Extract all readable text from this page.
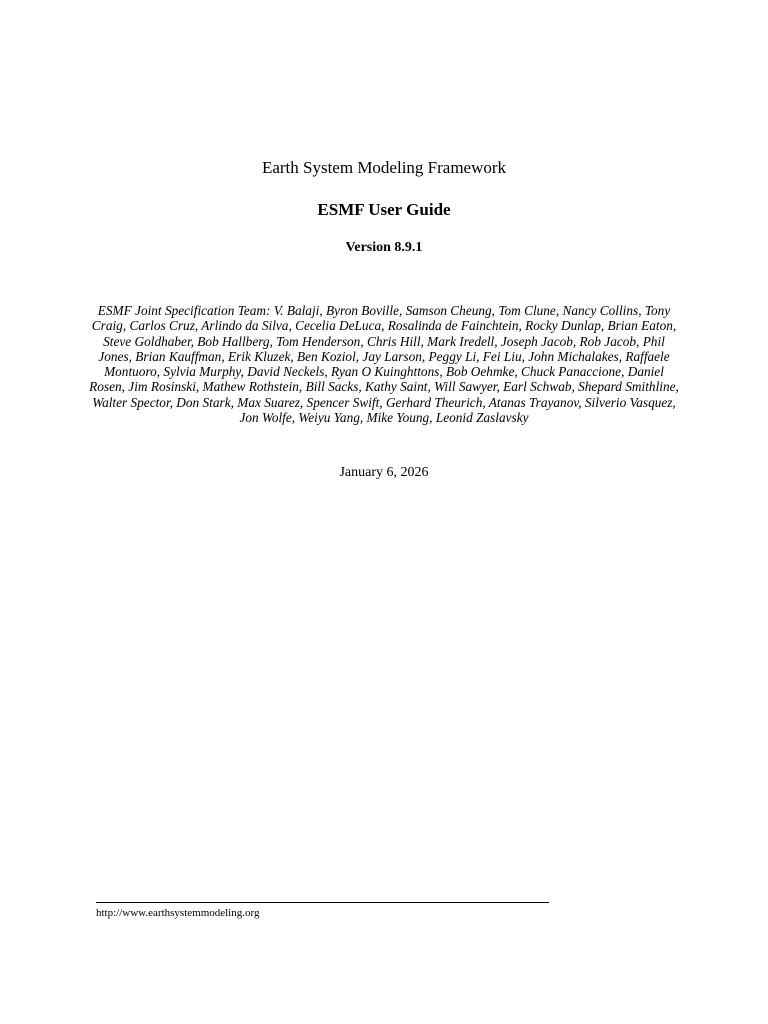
Earth System Modeling Framework
ESMF User Guide
Version 8.9.1
ESMF Joint Specification Team: V. Balaji, Byron Boville, Samson Cheung, Tom Clune, Nancy Collins, Tony Craig, Carlos Cruz, Arlindo da Silva, Cecelia DeLuca, Rosalinda de Fainchtein, Rocky Dunlap, Brian Eaton, Steve Goldhaber, Bob Hallberg, Tom Henderson, Chris Hill, Mark Iredell, Joseph Jacob, Rob Jacob, Phil Jones, Brian Kauffman, Erik Kluzek, Ben Koziol, Jay Larson, Peggy Li, Fei Liu, John Michalakes, Raffaele Montuoro, Sylvia Murphy, David Neckels, Ryan O Kuinghttons, Bob Oehmke, Chuck Panaccione, Daniel Rosen, Jim Rosinski, Mathew Rothstein, Bill Sacks, Kathy Saint, Will Sawyer, Earl Schwab, Shepard Smithline, Walter Spector, Don Stark, Max Suarez, Spencer Swift, Gerhard Theurich, Atanas Trayanov, Silverio Vasquez, Jon Wolfe, Weiyu Yang, Mike Young, Leonid Zaslavsky
January 6, 2026
http://www.earthsystemmodeling.org
